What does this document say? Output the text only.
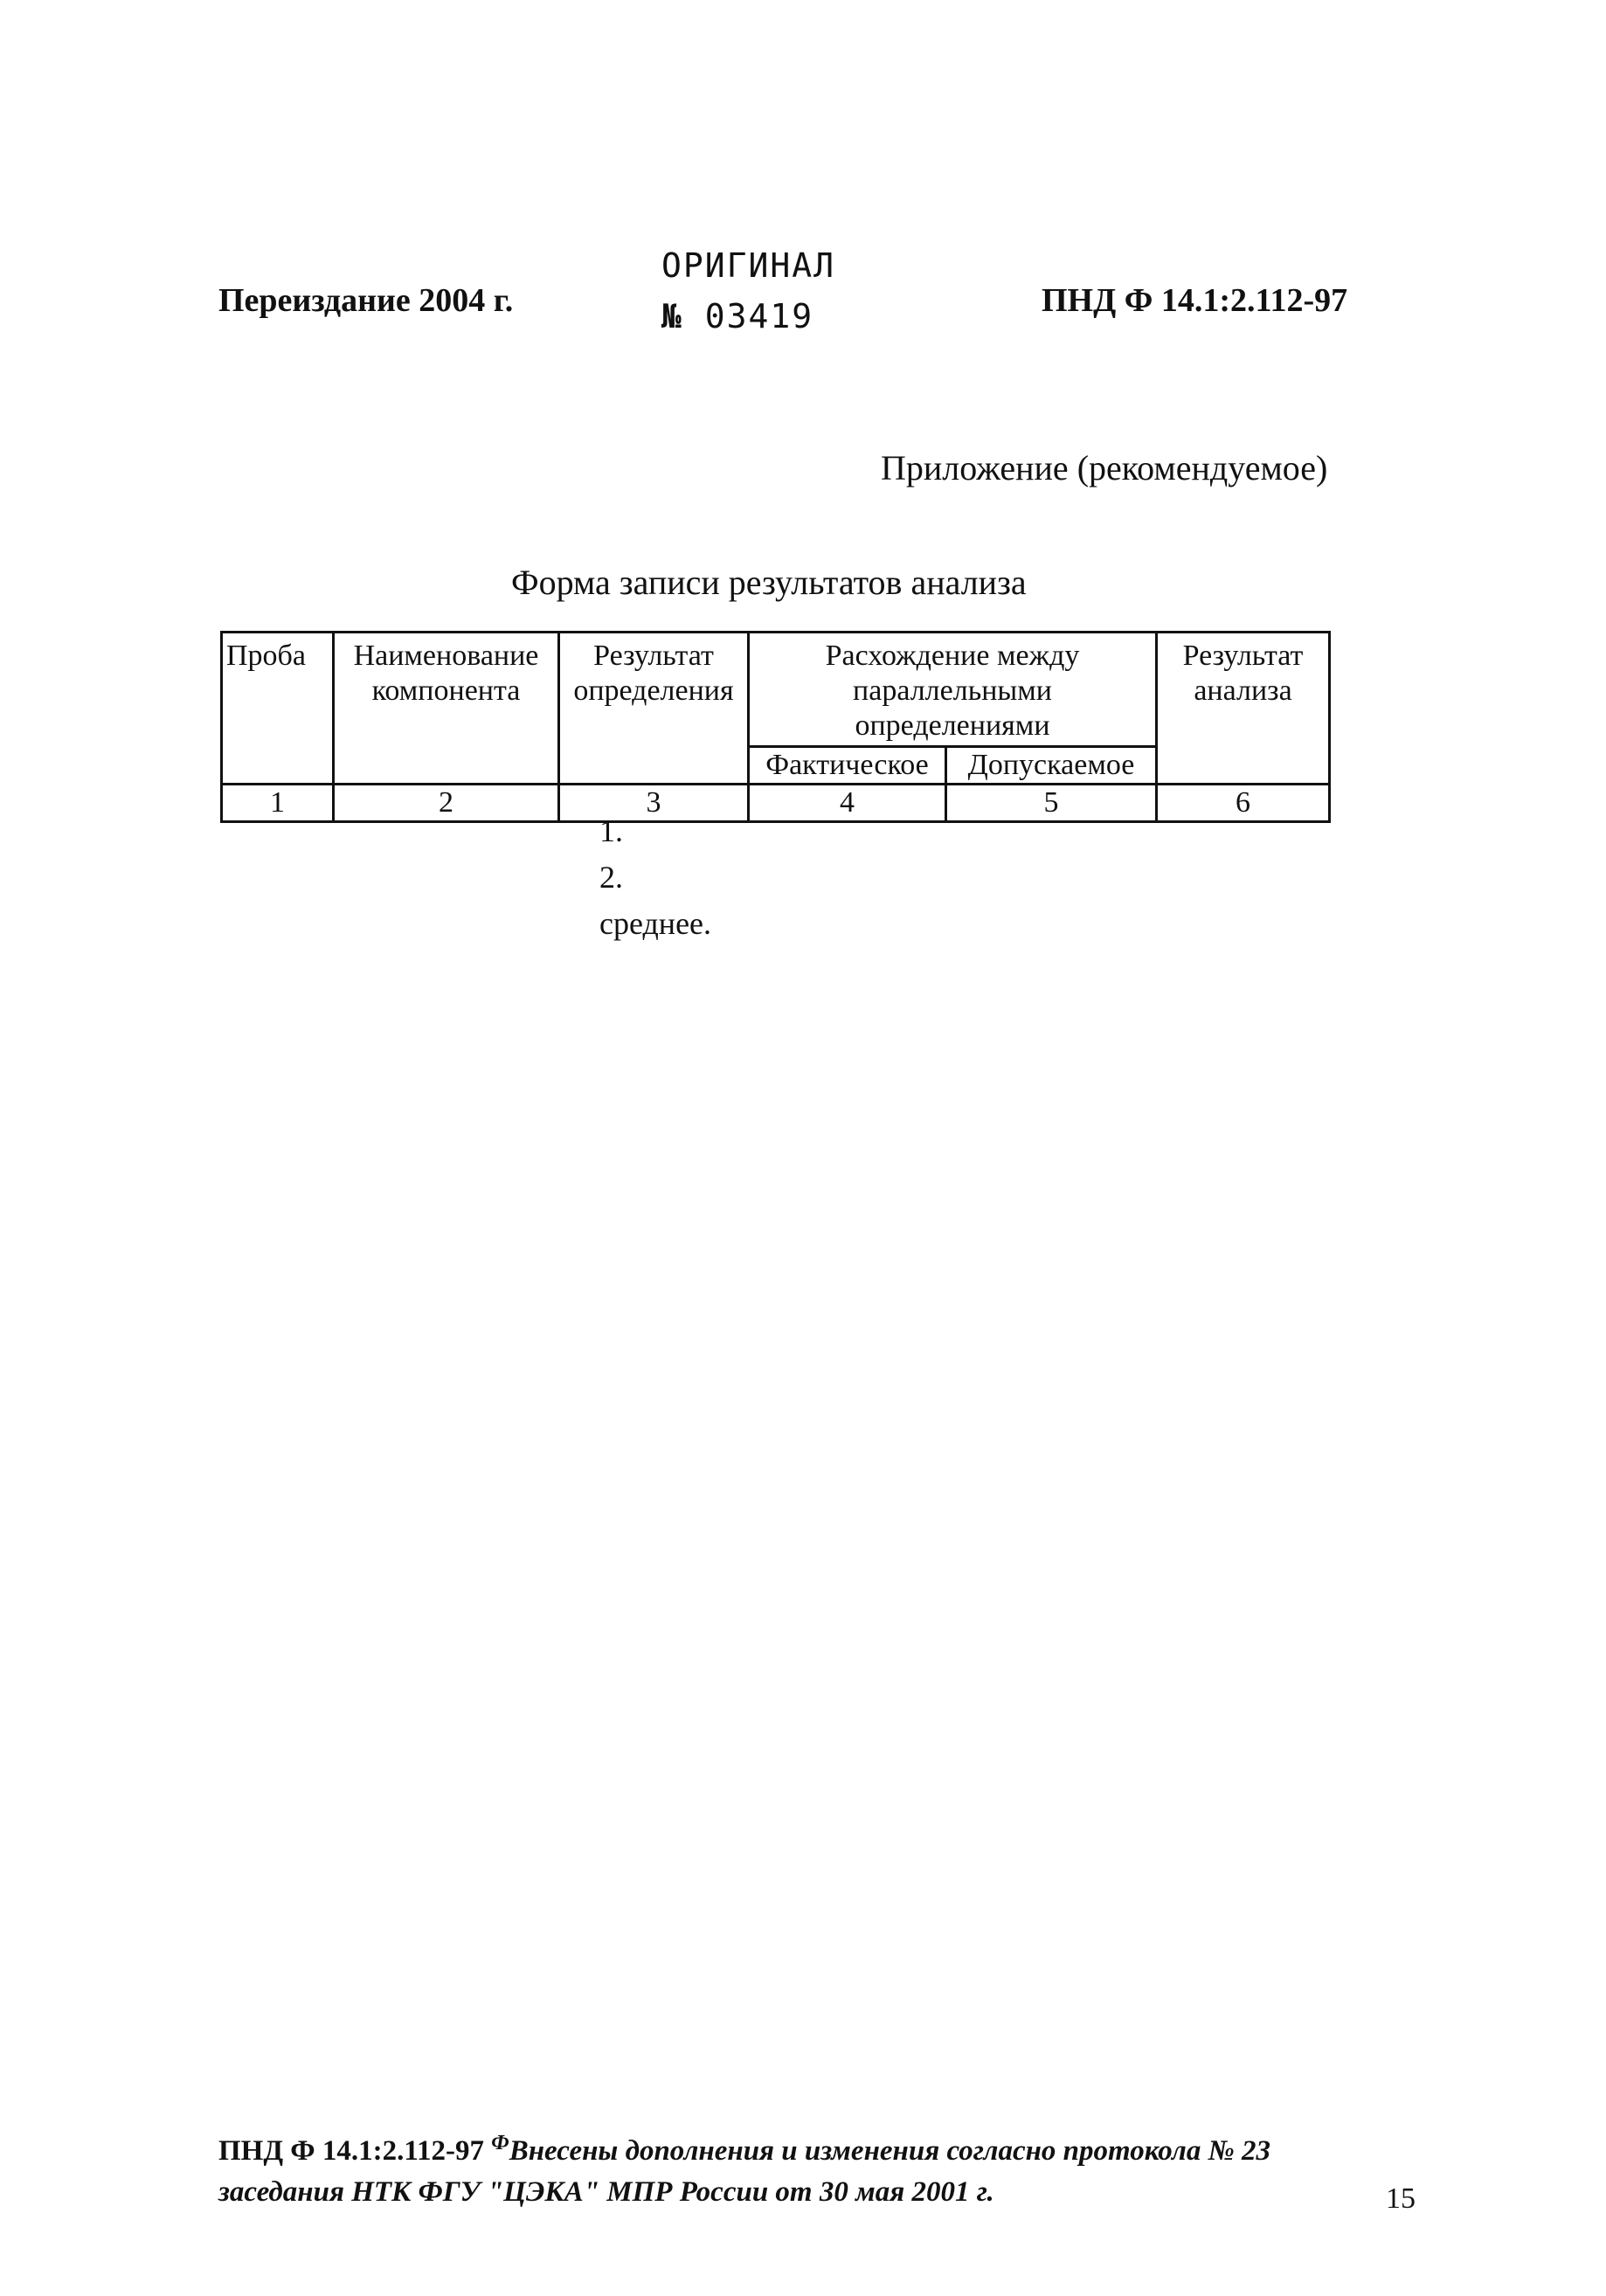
Переиздание 2004 г.
ОРИГИНАЛ
№ 03419	ПНД Ф 14.1:2.112-97
Приложение (рекомендуемое)
Форма записи результатов анализа
Проба	Наименование компонента	Результат определения	Расхождение между параллельными определениями		Результат анализа
			Фактическое	Допускаемое	
1	2	3	4	5	6
1.
2.
среднее.
ПНД Ф 14.1:2.112-97 $^Ф$Внесены дополнения и изменения согласно протокола № 23
заседания НТК ФГУ "ЦЭКА" МПР России от 30 мая 2001 г.	15
